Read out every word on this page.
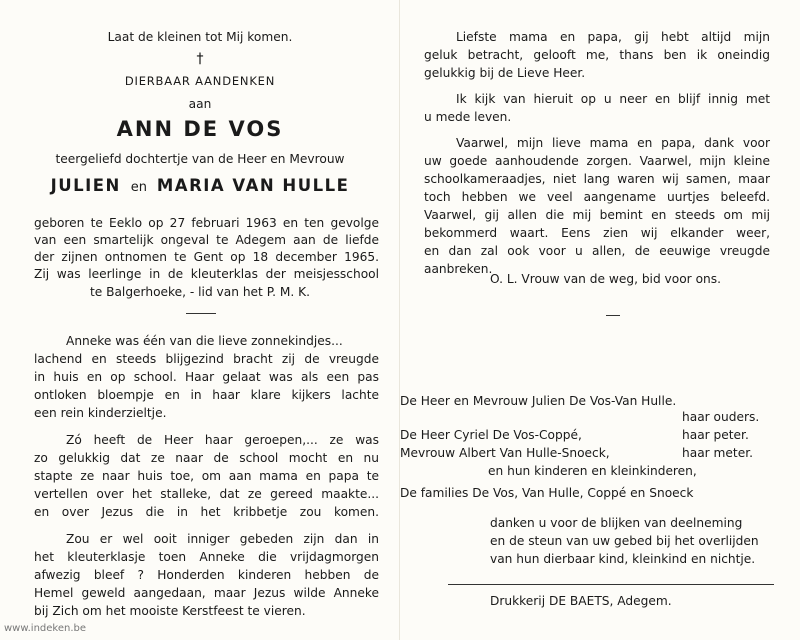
Laat de kleinen tot Mij komen.
†
DIERBAAR AANDENKEN
aan
ANN DE VOS
teergeliefd dochtertje van de Heer en Mevrouw
JULIEN en MARIA VAN HULLE
geboren te Eeklo op 27 februari 1963 en ten gevolge
van een smartelijk ongeval te Adegem aan de liefde
der zijnen ontnomen te Gent op 18 december 1965.
Zij was leerlinge in de kleuterklas der meisjesschool
te Balgerhoeke, - lid van het P. M. K.
Anneke was één van die lieve zonnekindjes...
lachend en steeds blijgezind bracht zij de vreugde
in huis en op school. Haar gelaat was als een pas
ontloken bloempje en in haar klare kijkers lachte
een rein kinderzieltje.
Zó heeft de Heer haar geroepen,... ze was
zo gelukkig dat ze naar de school mocht en nu
stapte ze naar huis toe, om aan mama en papa te
vertellen over het stalleke, dat ze gereed maakte...
en over Jezus die in het kribbetje zou komen.
Zou er wel ooit inniger gebeden zijn dan in
het kleuterklasje toen Anneke die vrijdagmorgen
afwezig bleef ? Honderden kinderen hebben de
Hemel geweld aangedaan, maar Jezus wilde Anneke
bij Zich om het mooiste Kerstfeest te vieren.
Liefste mama en papa, gij hebt altijd mijn
geluk betracht, gelooft me, thans ben ik oneindig
gelukkig bij de Lieve Heer.
Ik kijk van hieruit op u neer en blijf innig met
u mede leven.
Vaarwel, mijn lieve mama en papa, dank voor
uw goede aanhoudende zorgen. Vaarwel, mijn kleine
schoolkameraadjes, niet lang waren wij samen, maar
toch hebben we veel aangename uurtjes beleefd.
Vaarwel, gij allen die mij bemint en steeds om mij
bekommerd waart. Eens zien wij elkander weer,
en dan zal ook voor u allen, de eeuwige vreugde
aanbreken.
O. L. Vrouw van de weg, bid voor ons.
De Heer en Mevrouw Julien De Vos-Van Hulle.
haar ouders.
De Heer Cyriel De Vos-Coppé,	haar peter.
Mevrouw Albert Van Hulle-Snoeck,	haar meter.
en hun kinderen en kleinkinderen,
De families De Vos, Van Hulle, Coppé en Snoeck
danken u voor de blijken van deelneming
en de steun van uw gebed bij het overlijden
van hun dierbaar kind, kleinkind en nichtje.
Drukkerij DE BAETS, Adegem.
www.indeken.be
